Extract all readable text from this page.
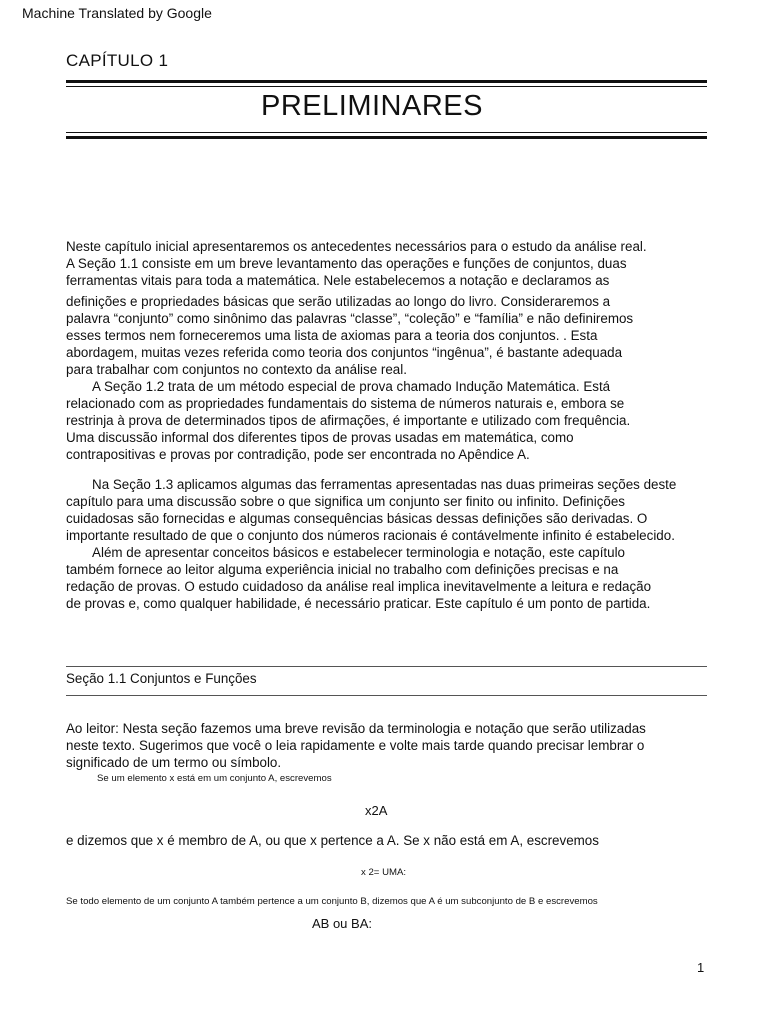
Machine Translated by Google
CAPÍTULO 1
PRELIMINARES
Neste capítulo inicial apresentaremos os antecedentes necessários para o estudo da análise real.
A Seção 1.1 consiste em um breve levantamento das operações e funções de conjuntos, duas
ferramentas vitais para toda a matemática. Nele estabelecemos a notação e declaramos as
definições e propriedades básicas que serão utilizadas ao longo do livro. Consideraremos a
palavra “conjunto” como sinônimo das palavras “classe”, “coleção” e “família” e não definiremos
esses termos nem forneceremos uma lista de axiomas para a teoria dos conjuntos. . Esta
abordagem, muitas vezes referida como teoria dos conjuntos “ingênua”, é bastante adequada
para trabalhar com conjuntos no contexto da análise real.
A Seção 1.2 trata de um método especial de prova chamado Indução Matemática. Está
relacionado com as propriedades fundamentais do sistema de números naturais e, embora se
restrinja à prova de determinados tipos de afirmações, é importante e utilizado com frequência.
Uma discussão informal dos diferentes tipos de provas usadas em matemática, como
contrapositivas e provas por contradição, pode ser encontrada no Apêndice A.
Na Seção 1.3 aplicamos algumas das ferramentas apresentadas nas duas primeiras seções deste
capítulo para uma discussão sobre o que significa um conjunto ser finito ou infinito. Definições
cuidadosas são fornecidas e algumas consequências básicas dessas definições são derivadas. O
importante resultado de que o conjunto dos números racionais é contávelmente infinito é estabelecido.
Além de apresentar conceitos básicos e estabelecer terminologia e notação, este capítulo
também fornece ao leitor alguma experiência inicial no trabalho com definições precisas e na
redação de provas. O estudo cuidadoso da análise real implica inevitavelmente a leitura e redação
de provas e, como qualquer habilidade, é necessário praticar. Este capítulo é um ponto de partida.
Seção 1.1 Conjuntos e Funções
Ao leitor: Nesta seção fazemos uma breve revisão da terminologia e notação que serão utilizadas
neste texto. Sugerimos que você o leia rapidamente e volte mais tarde quando precisar lembrar o
significado de um termo ou símbolo.
Se um elemento x está em um conjunto A, escrevemos
x2A
e dizemos que x é membro de A, ou que x pertence a A. Se x não está em A, escrevemos
x 2= UMA:
Se todo elemento de um conjunto A também pertence a um conjunto B, dizemos que A é um subconjunto de B e escrevemos
AB ou BA:
1
